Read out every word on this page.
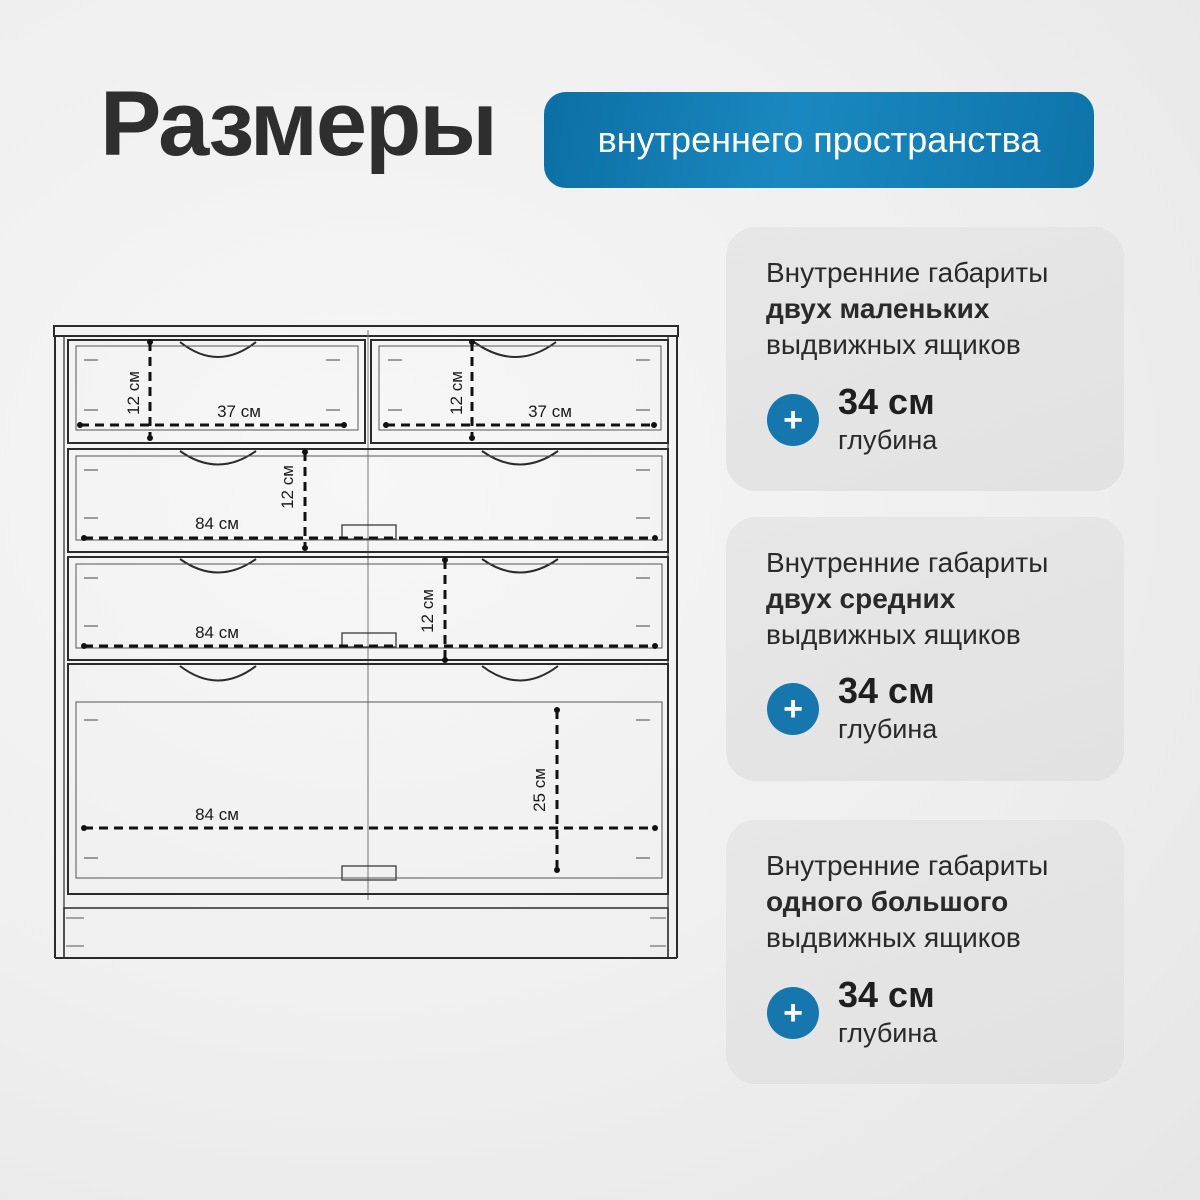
Размеры	внутреннего пространства
12 см	37 см	12 см	37 см
12 см
84 см
12 см
84 см
25 см
84 см
Внутренние габариты
двух маленьких
выдвижных ящиков
+ 34 см
глубина
Внутренние габариты
двух средних
выдвижных ящиков
+ 34 см
глубина
Внутренние габариты
одного большого
выдвижных ящиков
+ 34 см
глубина
